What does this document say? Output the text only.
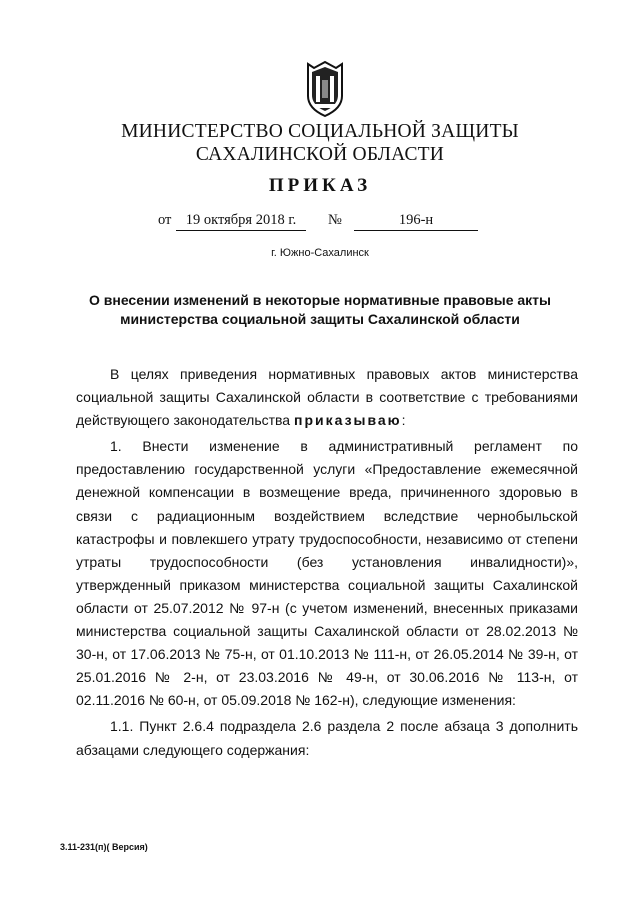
МИНИСТЕРСТВО СОЦИАЛЬНОЙ ЗАЩИТЫ
САХАЛИНСКОЙ ОБЛАСТИ
ПРИКАЗ
от 19 октября 2018 г.	№	196-н
г. Южно-Сахалинск
О внесении изменений в некоторые нормативные правовые акты
министерства социальной защиты Сахалинской области

В целях приведения нормативных правовых актов министерства социальной защиты Сахалинской области в соответствие с требованиями действующего законодательства приказываю:

1. Внести изменение в административный регламент по предоставлению государственной услуги «Предоставление ежемесячной денежной компенсации в возмещение вреда, причиненного здоровью в связи с радиационным воздействием вследствие чернобыльской катастрофы и повлекшего утрату трудоспособности, независимо от степени утраты трудоспособности (без установления инвалидности)», утвержденный приказом министерства социальной защиты Сахалинской области от 25.07.2012 № 97-н (с учетом изменений, внесенных приказами министерства социальной защиты Сахалинской области от 28.02.2013 № 30-н, от 17.06.2013 № 75-н, от 01.10.2013 № 111-н, от 26.05.2014 № 39-н, от 25.01.2016 № 2-н, от 23.03.2016 № 49-н, от 30.06.2016 № 113-н, от 02.11.2016 № 60-н, от 05.09.2018 № 162-н), следующие изменения:

1.1. Пункт 2.6.4 подраздела 2.6 раздела 2 после абзаца 3 дополнить абзацами следующего содержания:

3.11-231(п)( Версия)
